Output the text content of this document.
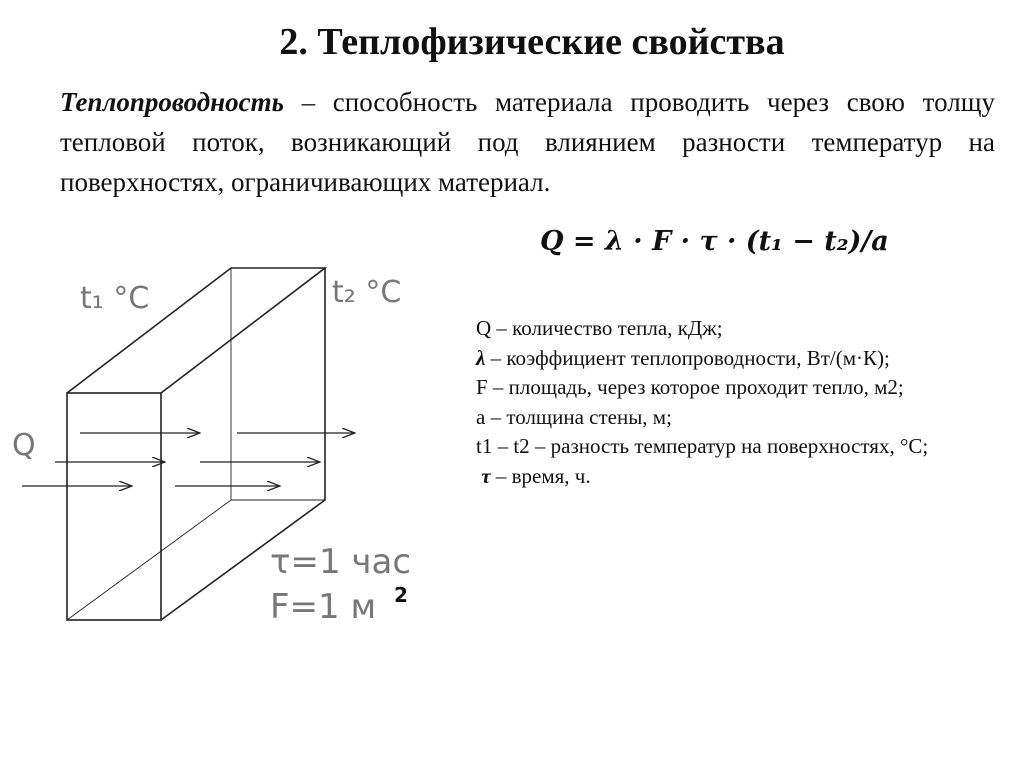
2. Теплофизические свойства
Теплопроводность – способность материала проводить через свою толщу тепловой поток, возникающий под влиянием разности температур на поверхностях, ограничивающих материал.
Q = λ · F · τ · (t₁ − t₂)/a
Q – количество тепла, кДж;
λ – коэффициент теплопроводности, Вт/(м·К);
F – площадь, через которое проходит тепло, м2;
a – толщина стены, м;
t1 – t2 – разность температур на поверхностях, °С;
τ – время, ч.
t₁ °С	t₂ °С
Q
τ=1 час
F=1 м 2
